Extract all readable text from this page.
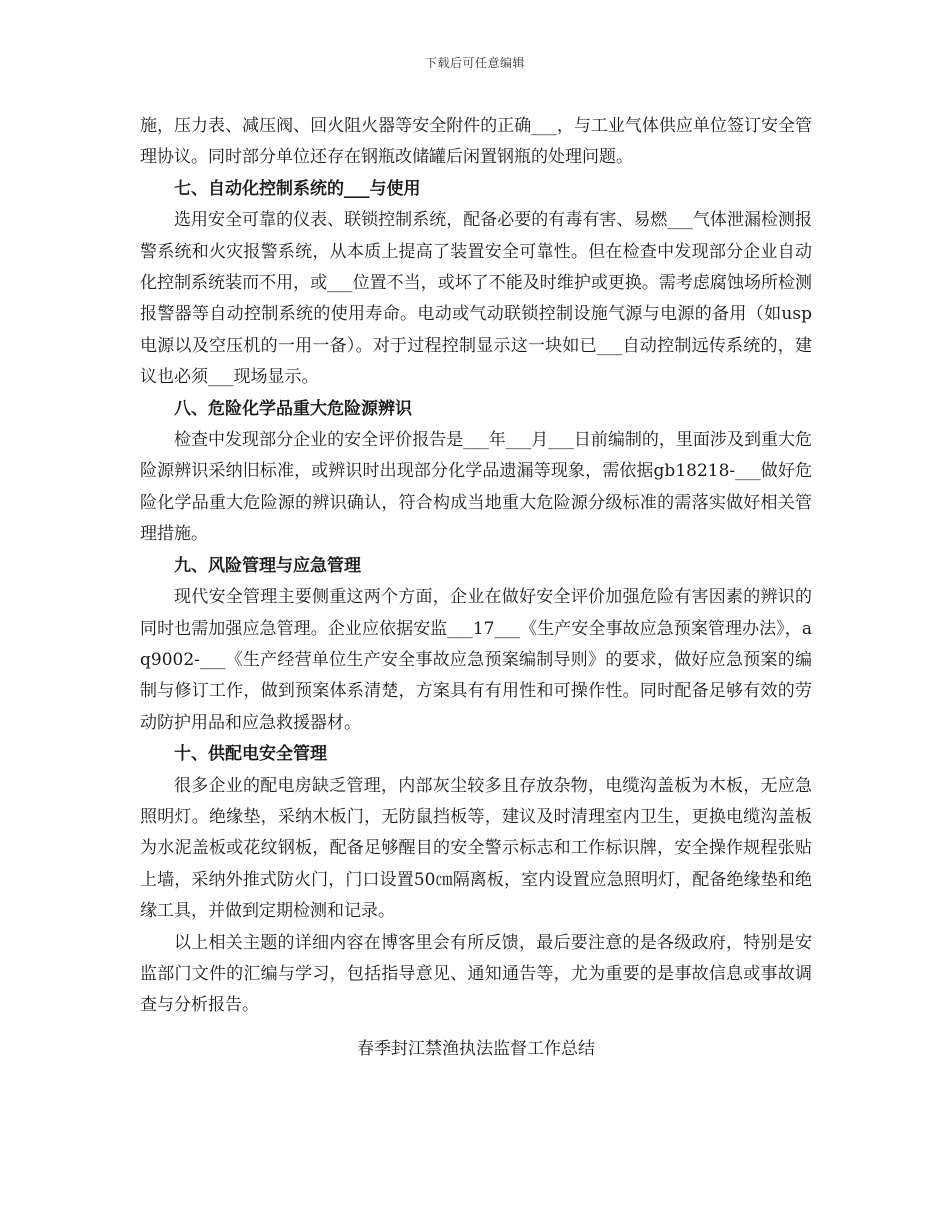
下载后可任意编辑

施，压力表、减压阀、回火阻火器等安全附件的正确___，与工业气体供应单位签订安全管理协议。同时部分单位还存在钢瓶改储罐后闲置钢瓶的处理问题。

七、自动化控制系统的___与使用

选用安全可靠的仪表、联锁控制系统，配备必要的有毒有害、易燃___气体泄漏检测报警系统和火灾报警系统，从本质上提高了装置安全可靠性。但在检查中发现部分企业自动化控制系统装而不用，或___位置不当，或坏了不能及时维护或更换。需考虑腐蚀场所检测报警器等自动控制系统的使用寿命。电动或气动联锁控制设施气源与电源的备用（如usp电源以及空压机的一用一备）。对于过程控制显示这一块如已___自动控制远传系统的，建议也必须___现场显示。

八、危险化学品重大危险源辨识

检查中发现部分企业的安全评价报告是___年___月___日前编制的，里面涉及到重大危险源辨识采纳旧标准，或辨识时出现部分化学品遗漏等现象，需依据gb18218-___做好危险化学品重大危险源的辨识确认，符合构成当地重大危险源分级标准的需落实做好相关管理措施。

九、风险管理与应急管理

现代安全管理主要侧重这两个方面，企业在做好安全评价加强危险有害因素的辨识的同时也需加强应急管理。企业应依据安监___17___《生产安全事故应急预案管理办法》，aq9002-___《生产经营单位生产安全事故应急预案编制导则》的要求，做好应急预案的编制与修订工作，做到预案体系清楚，方案具有有用性和可操作性。同时配备足够有效的劳动防护用品和应急救援器材。

十、供配电安全管理

很多企业的配电房缺乏管理，内部灰尘较多且存放杂物，电缆沟盖板为木板，无应急照明灯。绝缘垫，采纳木板门，无防鼠挡板等，建议及时清理室内卫生，更换电缆沟盖板为水泥盖板或花纹钢板，配备足够醒目的安全警示标志和工作标识牌，安全操作规程张贴上墙，采纳外推式防火门，门口设置50㎝隔离板，室内设置应急照明灯，配备绝缘垫和绝缘工具，并做到定期检测和记录。

以上相关主题的详细内容在博客里会有所反馈，最后要注意的是各级政府，特别是安监部门文件的汇编与学习，包括指导意见、通知通告等，尤为重要的是事故信息或事故调查与分析报告。

春季封江禁渔执法监督工作总结
